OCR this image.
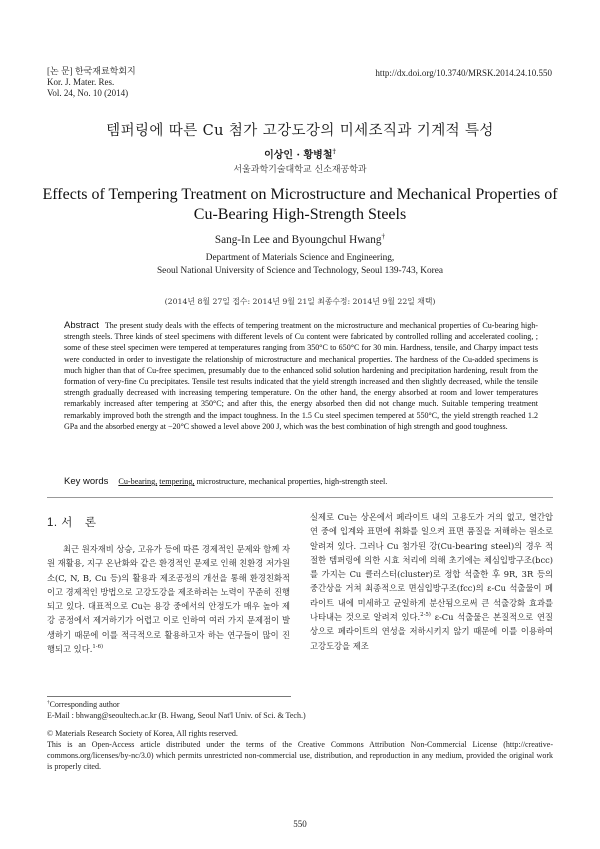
[논 문] 한국재료학회지
Kor. J. Mater. Res.
Vol. 24, No. 10 (2014)
http://dx.doi.org/10.3740/MRSK.2014.24.10.550
템퍼링에 따른 Cu 첨가 고강도강의 미세조직과 기계적 특성
이상인 · 황병철†
서울과학기술대학교 신소재공학과
Effects of Tempering Treatment on Microstructure and Mechanical Properties of Cu-Bearing High-Strength Steels
Sang-In Lee and Byoungchul Hwang†
Department of Materials Science and Engineering,
Seoul National University of Science and Technology, Seoul 139-743, Korea
(2014년 8월 27일 접수: 2014년 9월 21일 최종수정: 2014년 9월 22일 채택)
Abstract The present study deals with the effects of tempering treatment on the microstructure and mechanical properties of Cu-bearing high-strength steels. Three kinds of steel specimens with different levels of Cu content were fabricated by controlled rolling and accelerated cooling, ; some of these steel specimen were tempered at temperatures ranging from 350°C to 650°C for 30 min. Hardness, tensile, and Charpy impact tests were conducted in order to investigate the relationship of microstructure and mechanical properties. The hardness of the Cu-added specimens is much higher than that of Cu-free specimen, presumably due to the enhanced solid solution hardening and precipitation hardening, result from the formation of very-fine Cu precipitates. Tensile test results indicated that the yield strength increased and then slightly decreased, while the tensile strength gradually decreased with increasing tempering temperature. On the other hand, the energy absorbed at room and lower temperatures remarkably increased after tempering at 350°C; and after this, the energy absorbed then did not change much. Suitable tempering treatment remarkably improved both the strength and the impact toughness. In the 1.5 Cu steel specimen tempered at 550°C, the yield strength reached 1.2 GPa and the absorbed energy at −20°C showed a level above 200 J, which was the best combination of high strength and good toughness.
Key words Cu-bearing, tempering, microstructure, mechanical properties, high-strength steel.
1. 서　론
최근 원자재비 상승, 고유가 등에 따른 경제적인 문제와 함께 자원 재활용, 지구 온난화와 같은 환경적인 문제로 인해 친환경 저가원소(C, N, B, Cu 등)의 활용과 제조공정의 개선을 통해 환경친화적이고 경제적인 방법으로 고강도강을 제조하려는 노력이 꾸준히 진행되고 있다. 대표적으로 Cu는 용강 중에서의 안정도가 매우 높아 제강 공정에서 제거하기가 어렵고 이로 인하여 여러 가지 문제점이 발생하기 때문에 이를 적극적으로 활용하고자 하는 연구들이 많이 진행되고 있다.$^{1-6)}$
실제로 Cu는 상온에서 페라이트 내의 고용도가 거의 없고, 열간압연 중에 입계와 표면에 취화를 일으켜 표면 품질을 저해하는 원소로 알려져 있다. 그러나 Cu 첨가된 강(Cu-bearing steel)의 경우 적절한 템퍼링에 의한 시효 처리에 의해 초기에는 체심입방구조(bcc)를 가지는 Cu 클러스터(cluster)로 정합 석출한 후 9R, 3R 등의 중간상을 거쳐 최종적으로 면심입방구조(fcc)의 ε-Cu 석출물이 페라이트 내에 미세하고 균일하게 분산됨으로써 큰 석출강화 효과를 나타내는 것으로 알려져 있다.$^{2-5)}$ ε-Cu 석출물은 본질적으로 연질상으로 페라이트의 연성을 저하시키지 않기 때문에 이를 이용하여 고강도강을 제조
†Corresponding author
E-Mail : bhwang@seoultech.ac.kr (B. Hwang, Seoul Nat'l Univ. of Sci. & Tech.)
© Materials Research Society of Korea, All rights reserved.
This is an Open-Access article distributed under the terms of the Creative Commons Attribution Non-Commercial License (http://creative-commons.org/licenses/by-nc/3.0) which permits unrestricted non-commercial use, distribution, and reproduction in any medium, provided the original work is properly cited.
550
